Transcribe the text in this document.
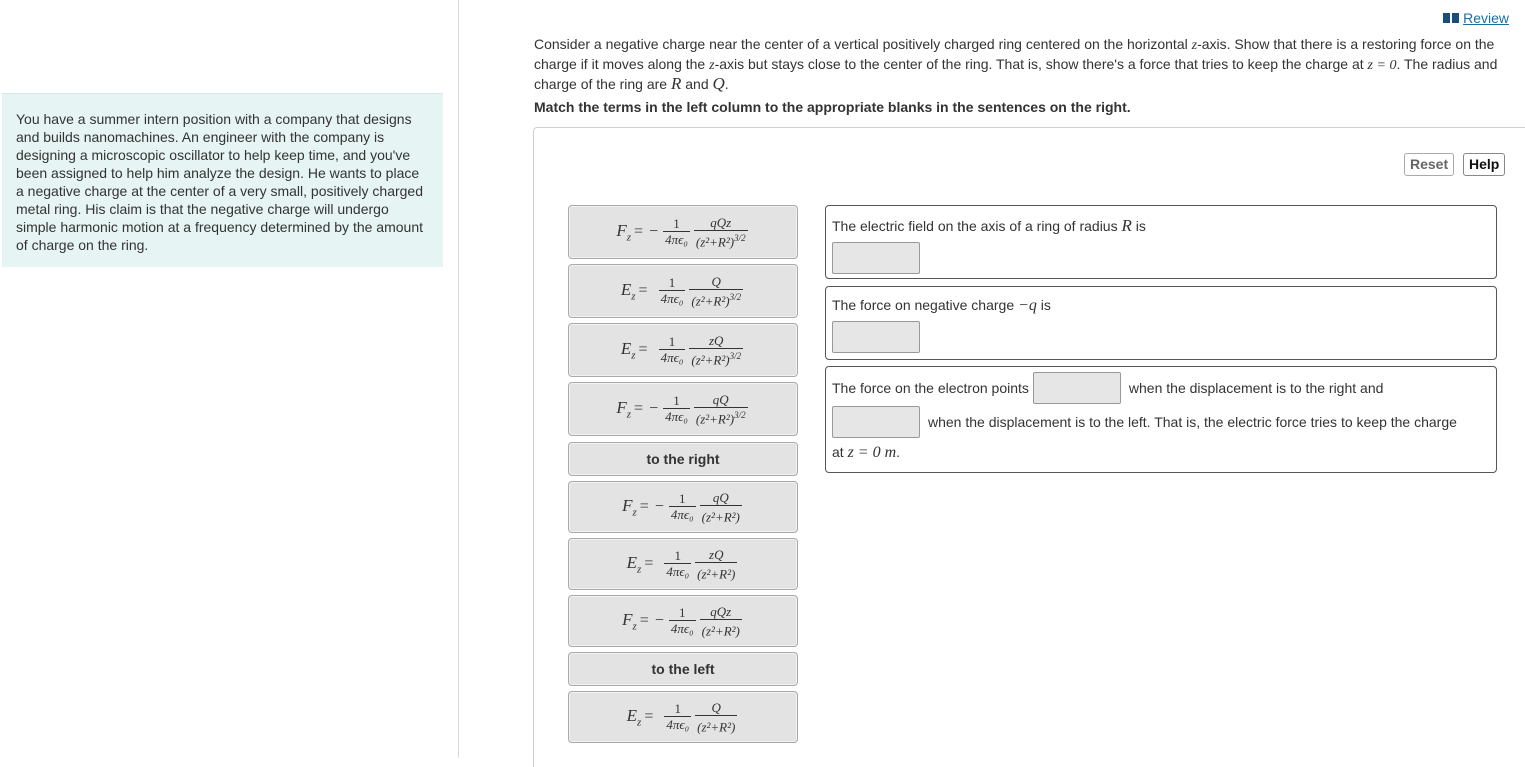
You have a summer intern position with a company that designs and builds nanomachines. An engineer with the company is designing a microscopic oscillator to help keep time, and you've been assigned to help him analyze the design. He wants to place a negative charge at the center of a very small, positively charged metal ring. His claim is that the negative charge will undergo simple harmonic motion at a frequency determined by the amount of charge on the ring.
Review
Consider a negative charge near the center of a vertical positively charged ring centered on the horizontal z-axis. Show that there is a restoring force on the charge if it moves along the z-axis but stays close to the center of the ring. That is, show there's a force that tries to keep the charge at z = 0. The radius and charge of the ring are R and Q.
Match the terms in the left column to the appropriate blanks in the sentences on the right.
Reset	Help
$F_z$ = − $\frac{1}{\text{4πϵ₀}} \frac{\text{qQz}}{(z^2+R^2)^{3/2}}$
$E_z = \frac{1}{\text{4πϵ₀}} \frac{Q}{(z^2+R^2)^{3/2}}$
$E_z = \frac{1}{\text{4πϵ₀}} \frac{zQ}{(z^2+R^2)^{3/2}}$
$F_z$ = − $\frac{1}{\text{4πϵ₀}} \frac{qQ}{(z^2+R^2)^{3/2}}$
to the right
$F_z$ = − $\frac{1}{\text{4πϵ₀}} \frac{qQ}{\text{(z²+R²)}}$
$E_z = \frac{1}{\text{4πϵ₀}} \frac{zQ}{\text{(z²+R²)}}$
$F_z$ = − $\frac{1}{\text{4πϵ₀}} \frac{\text{qQz}}{\text{(z²+R²)}}$
to the left
$E_z = \frac{1}{\text{4πϵ₀}} \frac{Q}{\text{(z²+R²)}}$
The electric field on the axis of a ring of radius R is
The force on negative charge −q is
The force on the electron points	when the displacement is to the right and
when the displacement is to the left. That is, the electric force tries to keep the charge
at z = 0 m.
